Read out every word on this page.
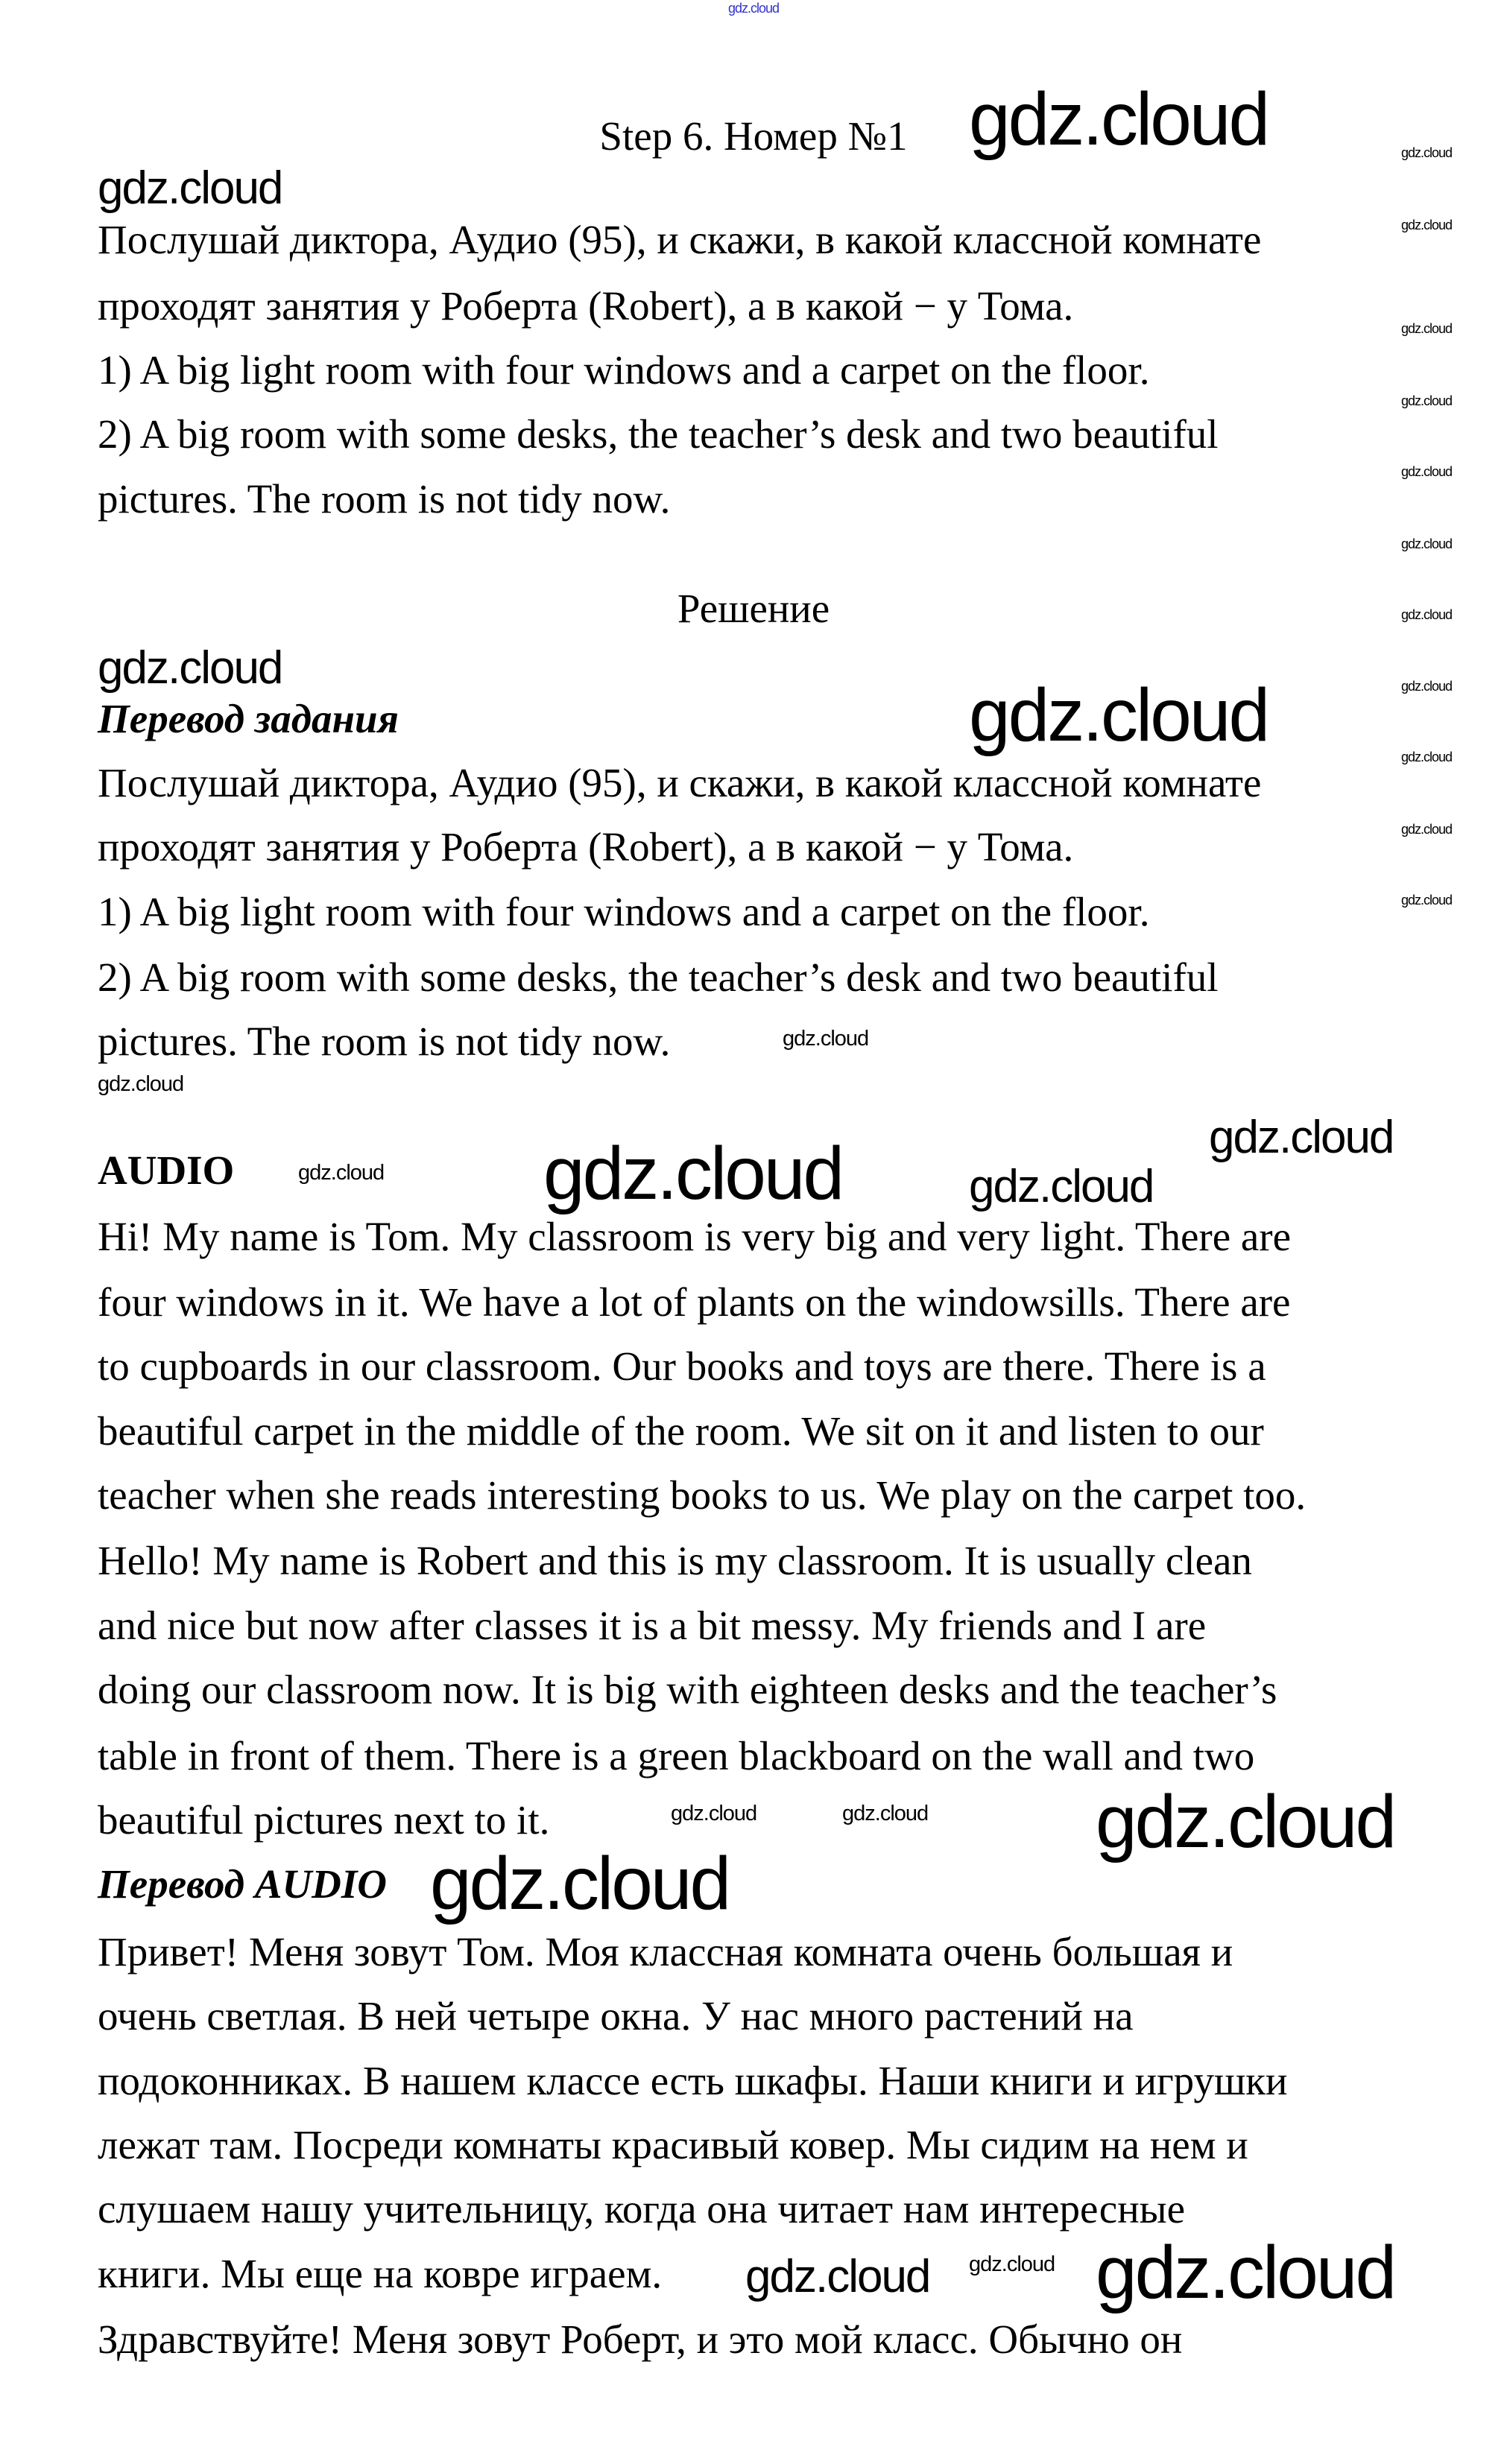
Step 6. Номер №1
Послушай диктора, Аудио (95), и скажи, в какой классной комнате
проходят занятия у Роберта (Robert), а в какой − у Тома.
1) A big light room with four windows and a carpet on the floor.
2) A big room with some desks, the teacher’s desk and two beautiful
pictures. The room is not tidy now.
Решение
Перевод задания
Послушай диктора, Аудио (95), и скажи, в какой классной комнате
проходят занятия у Роберта (Robert), а в какой − у Тома.
1) A big light room with four windows and a carpet on the floor.
2) A big room with some desks, the teacher’s desk and two beautiful
pictures. The room is not tidy now.
AUDIO
Hi! My name is Tom. My classroom is very big and very light. There are
four windows in it. We have a lot of plants on the windowsills. There are
to cupboards in our classroom. Our books and toys are there. There is a
beautiful carpet in the middle of the room. We sit on it and listen to our
teacher when she reads interesting books to us. We play on the carpet too.
Hello! My name is Robert and this is my classroom. It is usually clean
and nice but now after classes it is a bit messy. My friends and I are
doing our classroom now. It is big with eighteen desks and the teacher’s
table in front of them. There is a green blackboard on the wall and two
beautiful pictures next to it.
Перевод AUDIO
Привет! Меня зовут Том. Моя классная комната очень большая и
очень светлая. В ней четыре окна. У нас много растений на
подоконниках. В нашем классе есть шкафы. Наши книги и игрушки
лежат там. Посреди комнаты красивый ковер. Мы сидим на нем и
слушаем нашу учительницу, когда она читает нам интересные
книги. Мы еще на ковре играем.
Здравствуйте! Меня зовут Роберт, и это мой класс. Обычно он
gdz.cloud
gdz.cloud
gdz.cloud	gdz.cloud
gdz.cloud
gdz.cloud
gdz.cloud
gdz.cloud
gdz.cloud
gdz.cloud
gdz.cloud
gdz.cloud
gdz.cloud
gdz.cloud
gdz.cloud
gdz.cloud
gdz.cloud
gdz.cloud
gdz.cloud
gdz.cloud
gdz.cloud
gdz.cloud	gdz.cloud
gdz.cloud
gdz.cloud
gdz.cloud
gdz.cloud
gdz.cloud gdz.cloud
